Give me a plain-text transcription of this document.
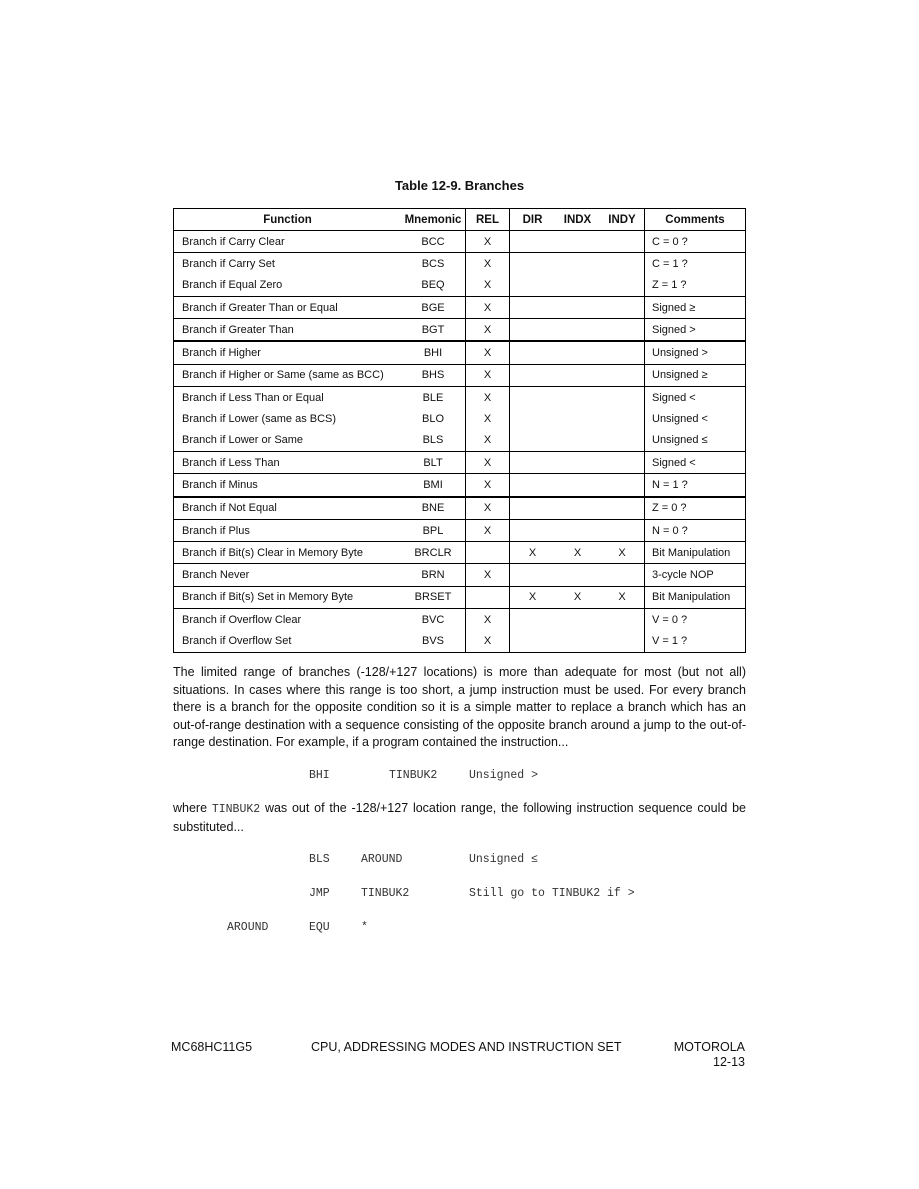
Table 12-9. Branches
Function	Mnemonic	REL	DIR	INDX	INDY	Comments
Branch if Carry Clear	BCC	X				C = 0 ?
Branch if Carry Set	BCS	X				C = 1 ?
Branch if Equal Zero	BEQ	X				Z = 1 ?
Branch if Greater Than or Equal	BGE	X				Signed ≥
Branch if Greater Than	BGT	X				Signed >
Branch if Higher	BHI	X				Unsigned >
Branch if Higher or Same (same as BCC)	BHS	X				Unsigned ≥
Branch if Less Than or Equal	BLE	X				Signed <
Branch if Lower (same as BCS)	BLO	X				Unsigned <
Branch if Lower or Same	BLS	X				Unsigned ≤
Branch if Less Than	BLT	X				Signed <
Branch if Minus	BMI	X				N = 1 ?
Branch if Not Equal	BNE	X				Z = 0 ?
Branch if Plus	BPL	X				N = 0 ?
Branch if Bit(s) Clear in Memory Byte	BRCLR		X	X	X	Bit Manipulation
Branch Never	BRN	X				3-cycle NOP
Branch if Bit(s) Set in Memory Byte	BRSET		X	X	X	Bit Manipulation
Branch if Overflow Clear	BVC	X				V = 0 ?
Branch if Overflow Set	BVS	X				V = 1 ?
The limited range of branches (-128/+127 locations) is more than adequate for most (but not all) situations. In cases where this range is too short, a jump instruction must be used. For every branch there is a branch for the opposite condition so it is a simple matter to replace a branch which has an out-of-range destination with a sequence consisting of the opposite branch around a jump to the out-of-range destination. For example, if a program contained the instruction...
BHI	TINBUK2	Unsigned >
where TINBUK2 was out of the -128/+127 location range, the following instruction sequence could be substituted...
BLS	AROUND	Unsigned ≤
JMP	TINBUK2	Still go to TINBUK2 if >
AROUND	EQU	*
MC68HC11G5	CPU, ADDRESSING MODES AND INSTRUCTION SET	MOTOROLA
12-13
